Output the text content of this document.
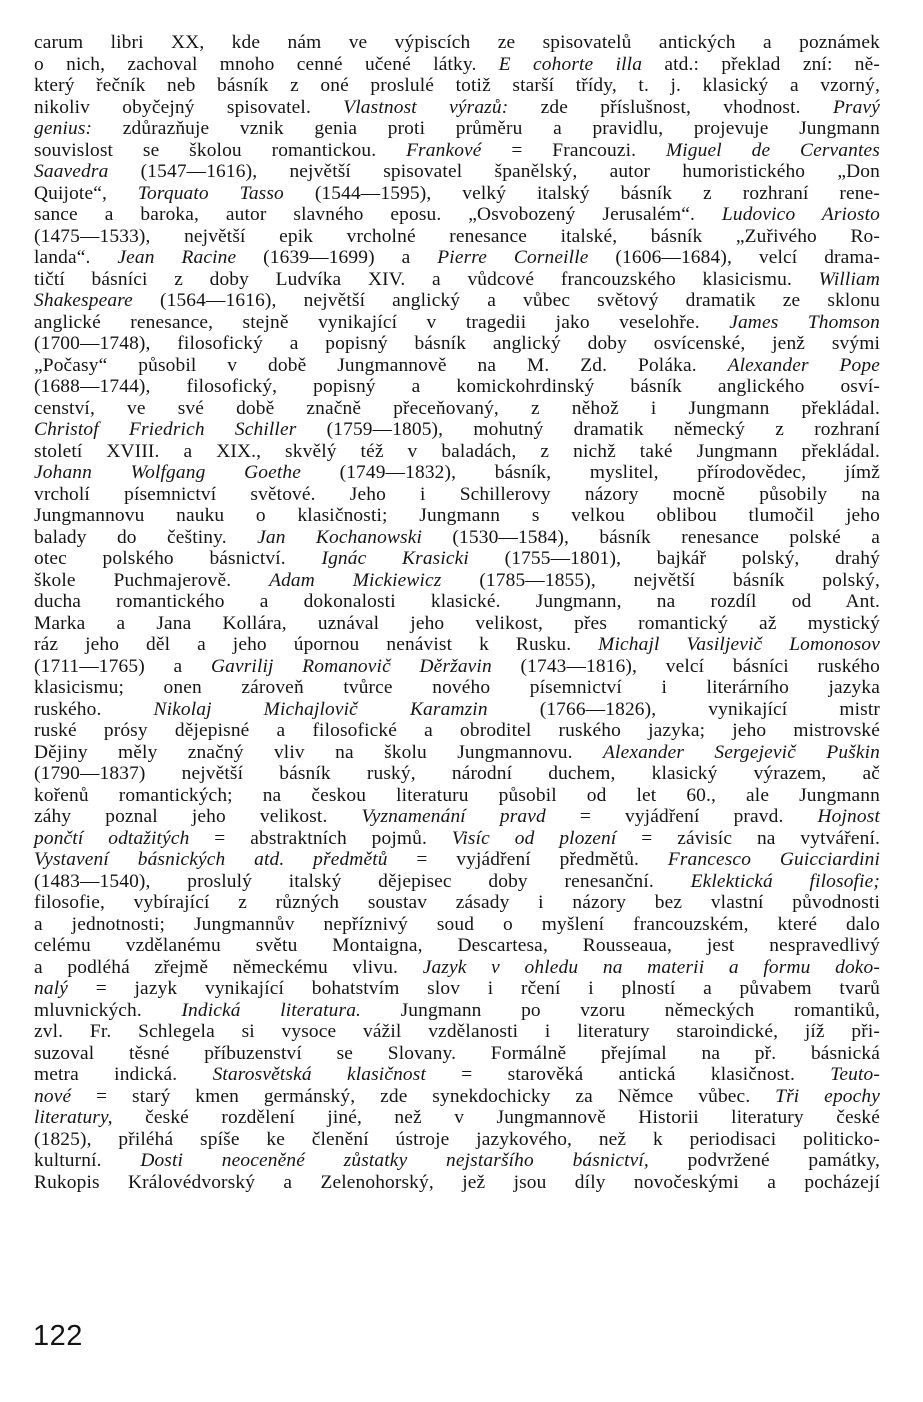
carum libri XX, kde nám ve výpiscích ze spisovatelů antických a poznámek
o nich, zachoval mnoho cenné učené látky. E cohorte illa atd.: překlad zní: ně-
který řečník neb básník z oné proslulé totiž starší třídy, t. j. klasický a vzorný,
nikoliv obyčejný spisovatel. Vlastnost výrazů: zde příslušnost, vhodnost. Pravý
genius: zdůrazňuje vznik genia proti průměru a pravidlu, projevuje Jungmann
souvislost se školou romantickou. Frankové = Francouzi. Miguel de Cervantes
Saavedra (1547—1616), největší spisovatel španělský, autor humoristického „Don
Quijote“, Torquato Tasso (1544—1595), velký italský básník z rozhraní rene-
sance a baroka, autor slavného eposu. „Osvobozený Jerusalém“. Ludovico Ariosto
(1475—1533), největší epik vrcholné renesance italské, básník „Zuřivého Ro-
landa“. Jean Racine (1639—1699) a Pierre Corneille (1606—1684), velcí drama-
tičtí básníci z doby Ludvíka XIV. a vůdcové francouzského klasicismu. William
Shakespeare (1564—1616), největší anglický a vůbec světový dramatik ze sklonu
anglické renesance, stejně vynikající v tragedii jako veselohře. James Thomson
(1700—1748), filosofický a popisný básník anglický doby osvícenské, jenž svými
„Počasy“ působil v době Jungmannově na M. Zd. Poláka. Alexander Pope
(1688—1744), filosofický, popisný a komickohrdinský básník anglického osví-
cenství, ve své době značně přeceňovaný, z něhož i Jungmann překládal.
Christof Friedrich Schiller (1759—1805), mohutný dramatik německý z rozhraní
století XVIII. a XIX., skvělý též v baladách, z nichž také Jungmann překládal.
Johann Wolfgang Goethe (1749—1832), básník, myslitel, přírodovědec, jímž
vrcholí písemnictví světové. Jeho i Schillerovy názory mocně působily na
Jungmannovu nauku o klasičnosti; Jungmann s velkou oblibou tlumočil jeho
balady do češtiny. Jan Kochanowski (1530—1584), básník renesance polské a
otec polského básnictví. Ignác Krasicki (1755—1801), bajkář polský, drahý
škole Puchmajerově. Adam Mickiewicz (1785—1855), největší básník polský,
ducha romantického a dokonalosti klasické. Jungmann, na rozdíl od Ant.
Marka a Jana Kollára, uznával jeho velikost, přes romantický až mystický
ráz jeho děl a jeho úpornou nenávist k Rusku. Michajl Vasiljevič Lomonosov
(1711—1765) a Gavrilij Romanovič Děržavin (1743—1816), velcí básníci ruského
klasicismu; onen zároveň tvůrce nového písemnictví i literárního jazyka
ruského. Nikolaj Michajlovič Karamzin (1766—1826), vynikající mistr
ruské prósy dějepisné a filosofické a obroditel ruského jazyka; jeho mistrovské
Dějiny měly značný vliv na školu Jungmannovu. Alexander Sergejevič Puškin
(1790—1837) největší básník ruský, národní duchem, klasický výrazem, ač
kořenů romantických; na českou literaturu působil od let 60., ale Jungmann
záhy poznal jeho velikost. Vyznamenání pravd = vyjádření pravd. Hojnost
pončtí odtažitých = abstraktních pojmů. Visíc od plození = závisíc na vytváření.
Vystavení básnických atd. předmětů = vyjádření předmětů. Francesco Guicciardini
(1483—1540), proslulý italský dějepisec doby renesanční. Eklektická filosofie;
filosofie, vybírající z různých soustav zásady i názory bez vlastní původnosti
a jednotnosti; Jungmannův nepříznivý soud o myšlení francouzském, které dalo
celému vzdělanému světu Montaigna, Descartesa, Rousseaua, jest nespravedlivý
a podléhá zřejmě německému vlivu. Jazyk v ohledu na materii a formu doko-
nalý = jazyk vynikající bohatstvím slov i rčení i plností a půvabem tvarů
mluvnických. Indická literatura. Jungmann po vzoru německých romantiků,
zvl. Fr. Schlegela si vysoce vážil vzdělanosti i literatury staroindické, jíž při-
suzoval těsné příbuzenství se Slovany. Formálně přejímal na př. básnická
metra indická. Starosvětská klasičnost = starověká antická klasičnost. Teuto-
nové = starý kmen germánský, zde synekdochicky za Němce vůbec. Tři epochy
literatury, české rozdělení jiné, než v Jungmannově Historii literatury české
(1825), přiléhá spíše ke členění ústroje jazykového, než k periodisaci politicko-
kulturní. Dosti neoceněné zůstatky nejstaršího básnictví, podvržené památky,
Rukopis Královédvorský a Zelenohorský, jež jsou díly novočeskými a pocházejí
122
